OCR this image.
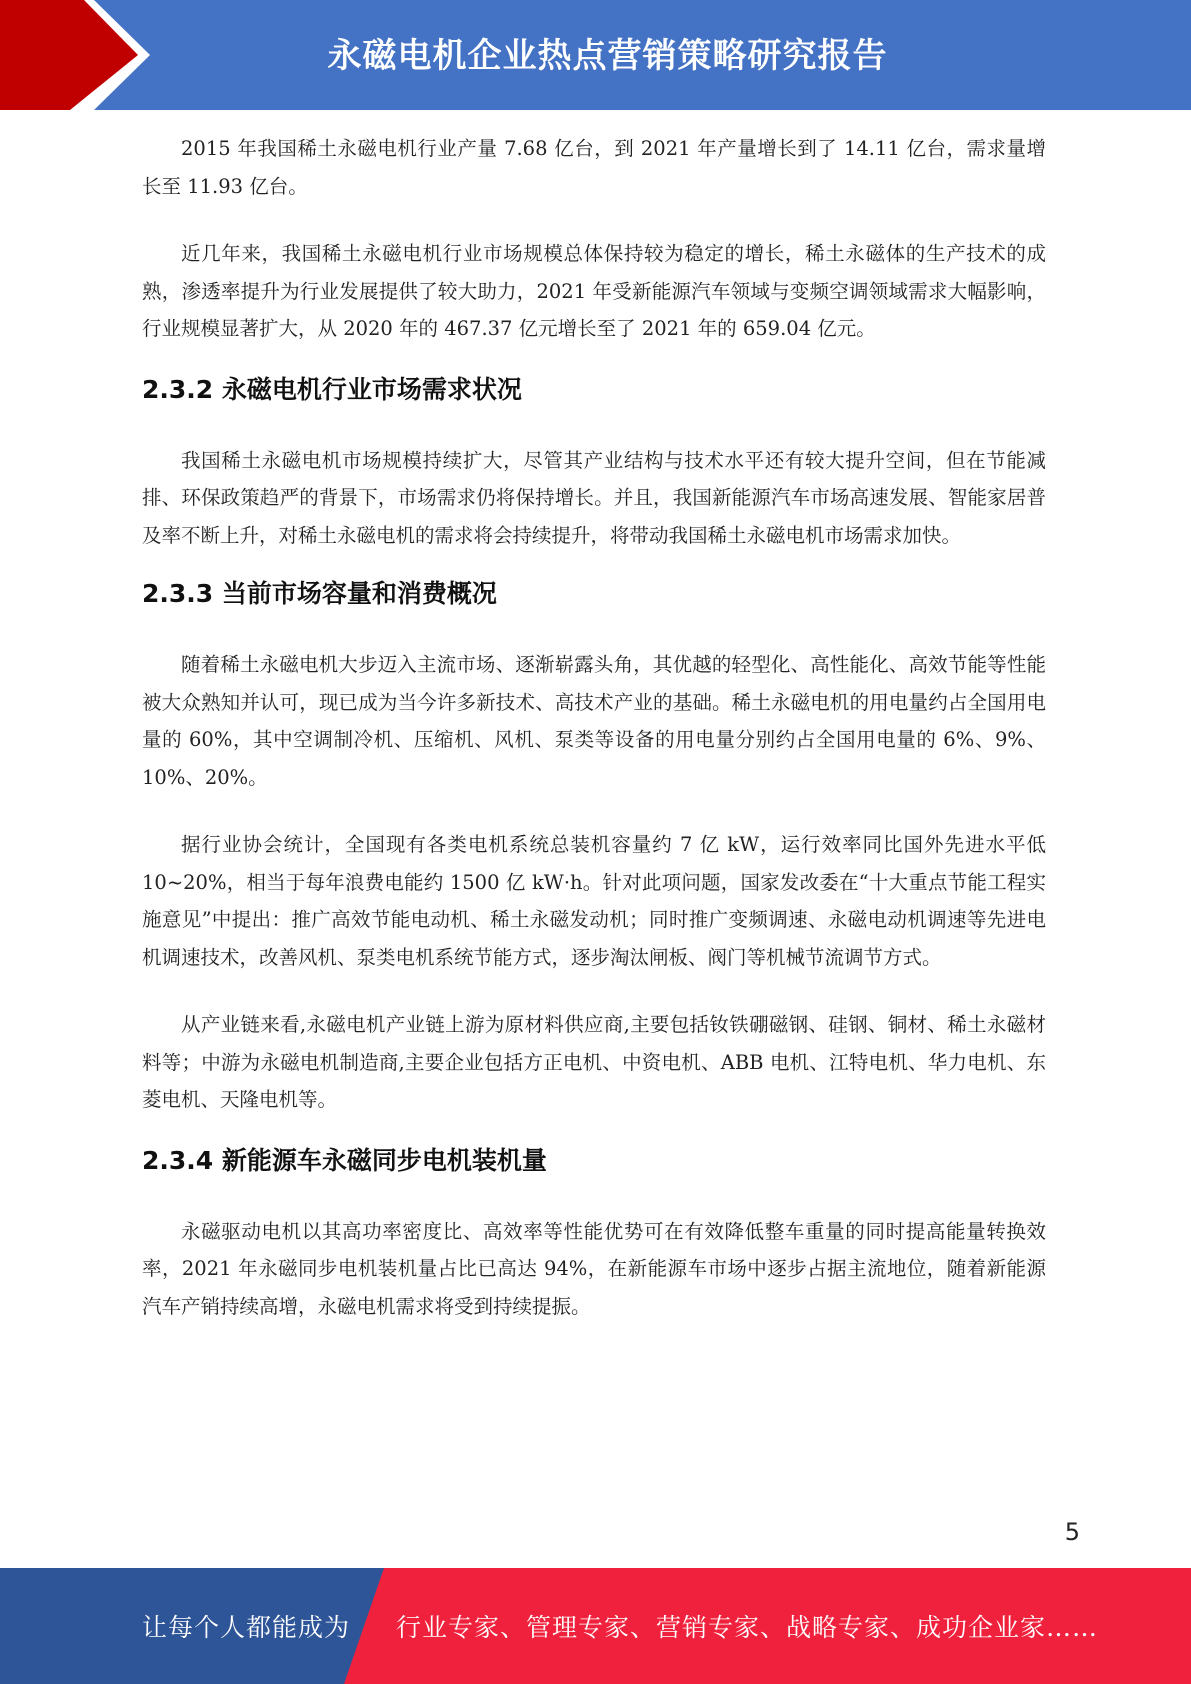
永磁电机企业热点营销策略研究报告

2015 年我国稀土永磁电机行业产量 7.68 亿台，到 2021 年产量增长到了 14.11 亿台，需求量增长至 11.93 亿台。

近几年来，我国稀土永磁电机行业市场规模总体保持较为稳定的增长，稀土永磁体的生产技术的成熟，渗透率提升为行业发展提供了较大助力，2021 年受新能源汽车领域与变频空调领域需求大幅影响，行业规模显著扩大，从 2020 年的 467.37 亿元增长至了 2021 年的 659.04 亿元。

2.3.2 永磁电机行业市场需求状况

我国稀土永磁电机市场规模持续扩大，尽管其产业结构与技术水平还有较大提升空间，但在节能减排、环保政策趋严的背景下，市场需求仍将保持增长。并且，我国新能源汽车市场高速发展、智能家居普及率不断上升，对稀土永磁电机的需求将会持续提升，将带动我国稀土永磁电机市场需求加快。

2.3.3 当前市场容量和消费概况

随着稀土永磁电机大步迈入主流市场、逐渐崭露头角，其优越的轻型化、高性能化、高效节能等性能被大众熟知并认可，现已成为当今许多新技术、高技术产业的基础。稀土永磁电机的用电量约占全国用电量的 60%，其中空调制冷机、压缩机、风机、泵类等设备的用电量分别约占全国用电量的 6%、9%、10%、20%。

据行业协会统计，全国现有各类电机系统总装机容量约 7 亿 kW，运行效率同比国外先进水平低 10~20%，相当于每年浪费电能约 1500 亿 kW·h。针对此项问题，国家发改委在“十大重点节能工程实施意见”中提出：推广高效节能电动机、稀土永磁发动机；同时推广变频调速、永磁电动机调速等先进电机调速技术，改善风机、泵类电机系统节能方式，逐步淘汰闸板、阀门等机械节流调节方式。

从产业链来看,永磁电机产业链上游为原材料供应商,主要包括钕铁硼磁钢、硅钢、铜材、稀土永磁材料等；中游为永磁电机制造商,主要企业包括方正电机、中资电机、ABB 电机、江特电机、华力电机、东菱电机、天隆电机等。

2.3.4 新能源车永磁同步电机装机量

永磁驱动电机以其高功率密度比、高效率等性能优势可在有效降低整车重量的同时提高能量转换效率，2021 年永磁同步电机装机量占比已高达 94%，在新能源车市场中逐步占据主流地位，随着新能源汽车产销持续高增，永磁电机需求将受到持续提振。

5
让每个人都能成为 行业专家、管理专家、营销专家、战略专家、成功企业家……
